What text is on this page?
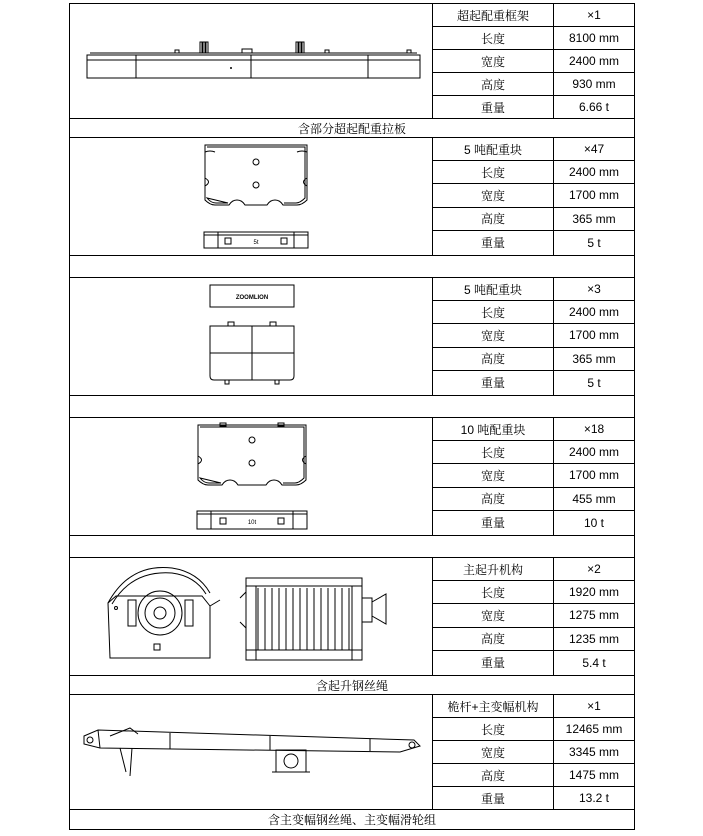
	超起配重框架	×1
	长度	8100 mm
	宽度	2400 mm
	高度	930 mm
	重量	6.66 t
含部分超起配重拉板		

5t	5 吨配重块	×47
	长度	2400 mm
	宽度	1700 mm
	高度	365 mm
	重量	5 t

ZOOMLION	5 吨配重块	×3
	长度	2400 mm
	宽度	1700 mm
	高度	365 mm
	重量	5 t

10t	10 吨配重块	×18
	长度	2400 mm
	宽度	1700 mm
	高度	455 mm
	重量	10 t

	主起升机构	×2
	长度	1920 mm
	宽度	1275 mm
	高度	1235 mm
	重量	5.4 t
含起升钢丝绳		

	桅杆+主变幅机构	×1
	长度	12465 mm
	宽度	3345 mm
	高度	1475 mm
	重量	13.2 t
含主变幅钢丝绳、主变幅滑轮组		
